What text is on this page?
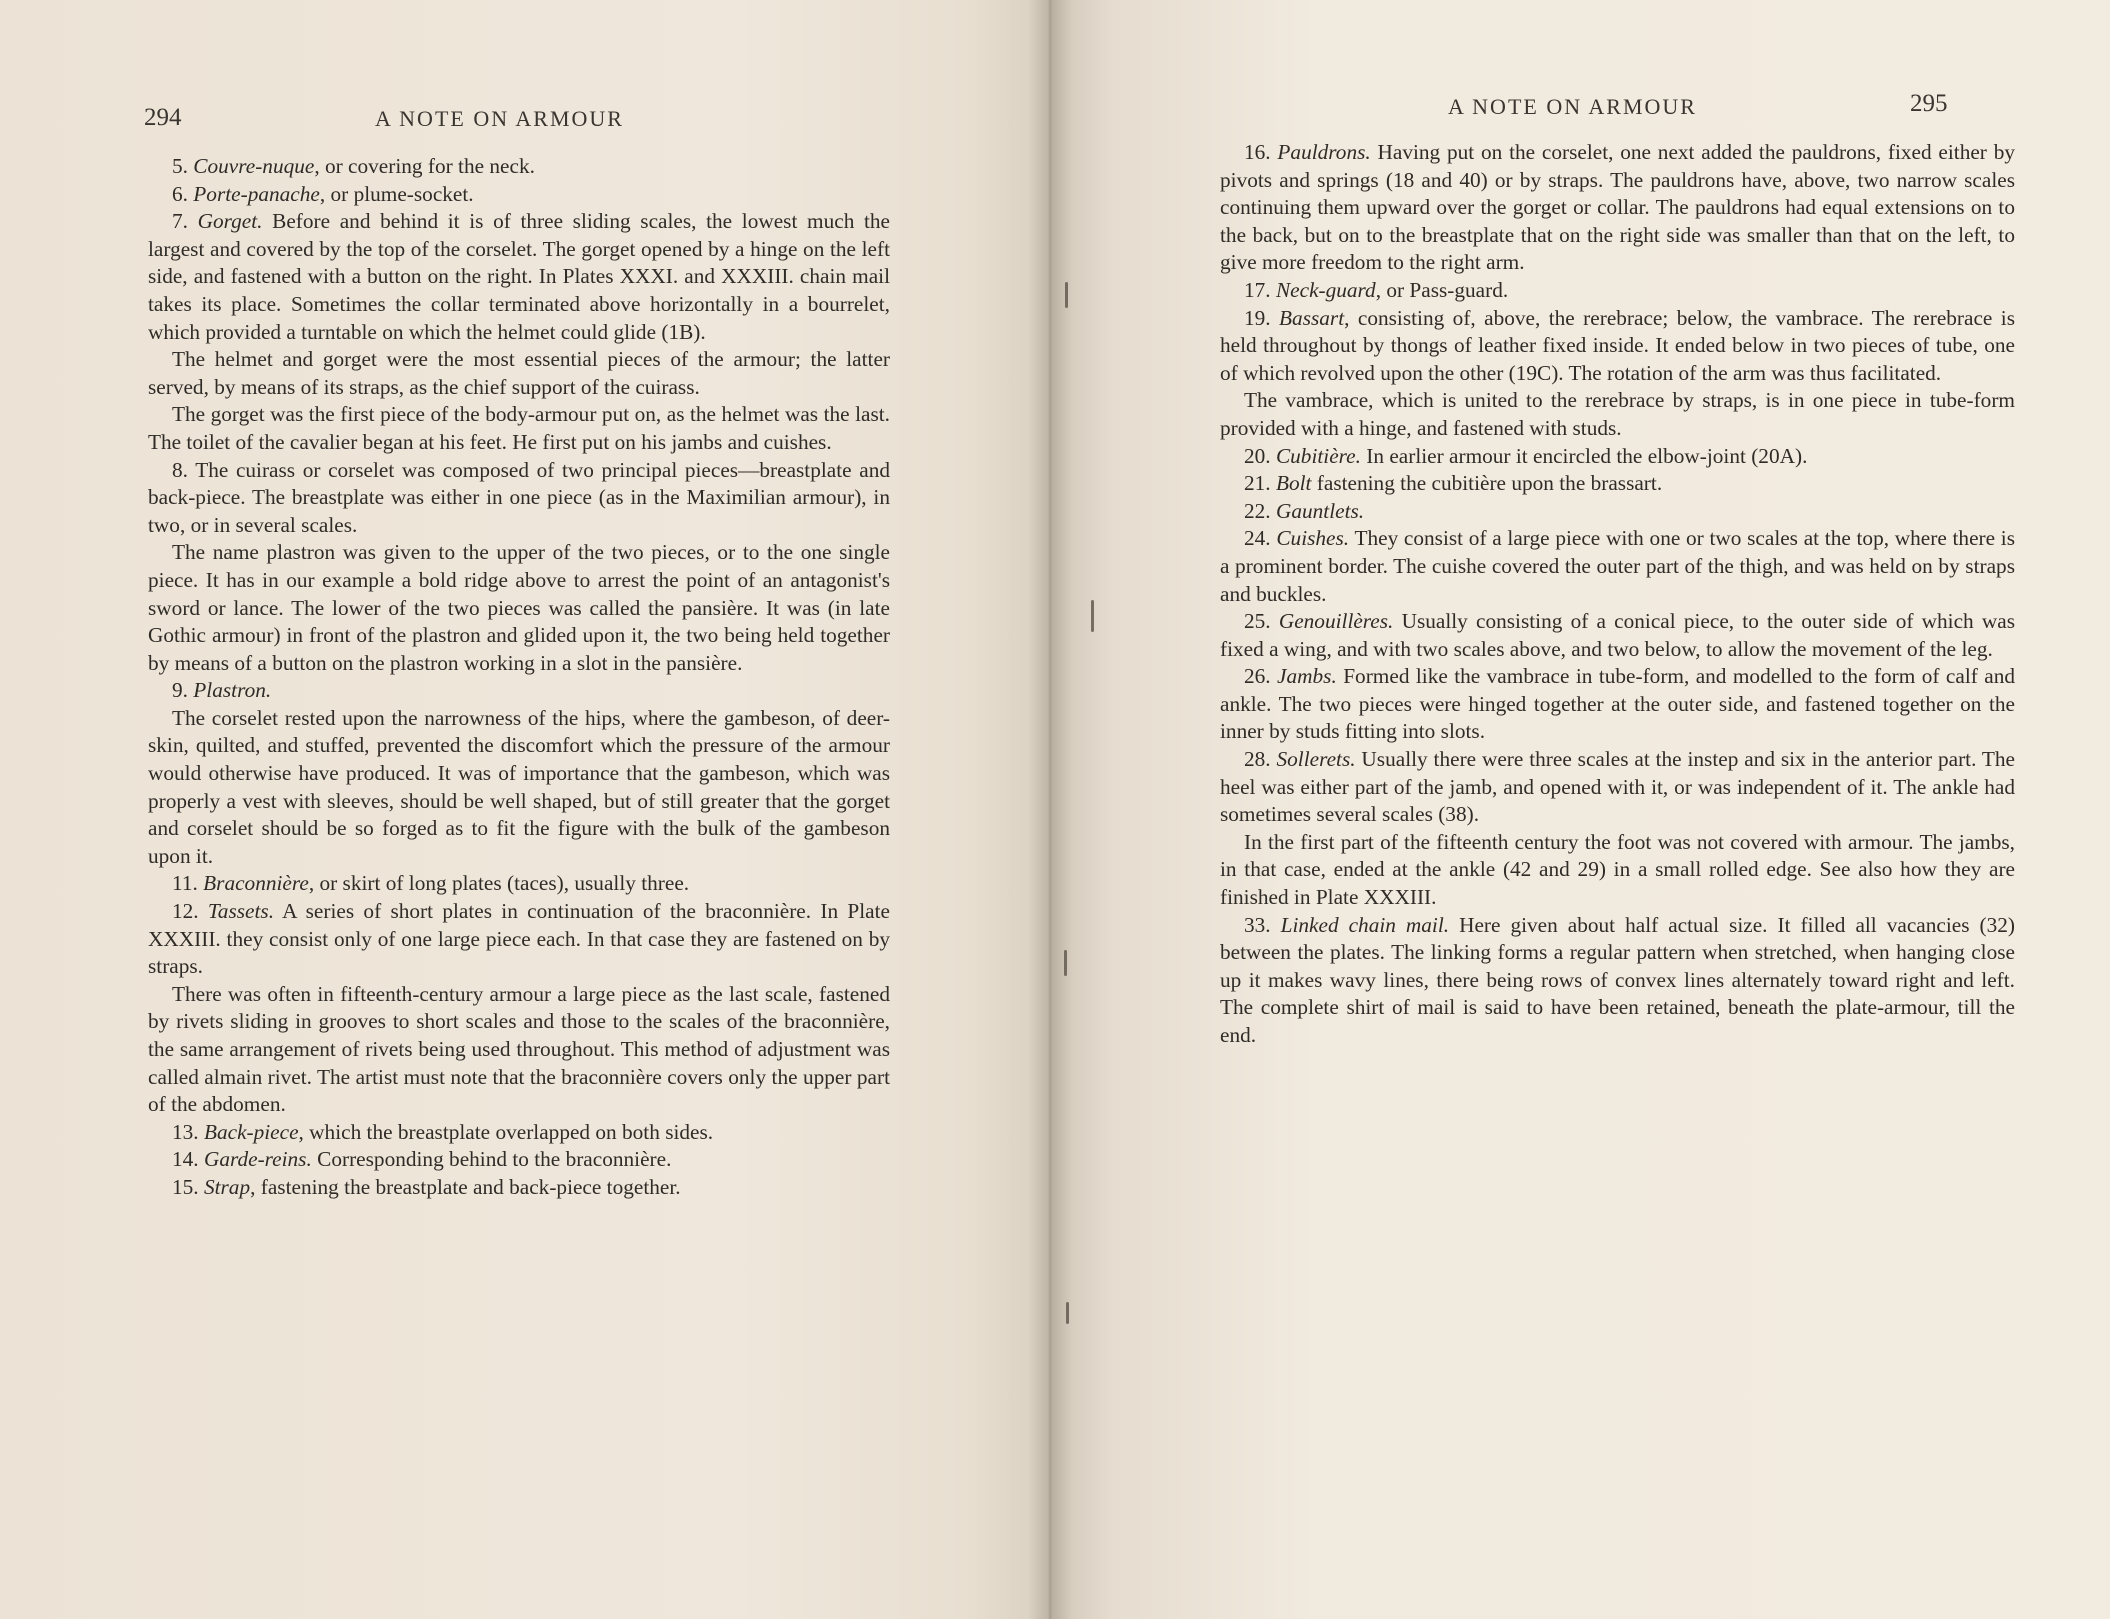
294	A NOTE ON ARMOUR

5. Couvre-nuque, or covering for the neck.

6. Porte-panache, or plume-socket.

7. Gorget. Before and behind it is of three sliding scales, the lowest much the largest and covered by the top of the corselet. The gorget opened by a hinge on the left side, and fastened with a button on the right. In Plates XXXI. and XXXIII. chain mail takes its place. Sometimes the collar terminated above horizontally in a bourrelet, which provided a turntable on which the helmet could glide (1B).

The helmet and gorget were the most essential pieces of the armour; the latter served, by means of its straps, as the chief support of the cuirass.

The gorget was the first piece of the body-armour put on, as the helmet was the last. The toilet of the cavalier began at his feet. He first put on his jambs and cuishes.

8. The cuirass or corselet was composed of two principal pieces—breastplate and back-piece. The breastplate was either in one piece (as in the Maximilian armour), in two, or in several scales.

The name plastron was given to the upper of the two pieces, or to the one single piece. It has in our example a bold ridge above to arrest the point of an antagonist's sword or lance. The lower of the two pieces was called the pansière. It was (in late Gothic armour) in front of the plastron and glided upon it, the two being held together by means of a button on the plastron working in a slot in the pansière.

9. Plastron.

The corselet rested upon the narrowness of the hips, where the gambeson, of deer-skin, quilted, and stuffed, prevented the discomfort which the pressure of the armour would otherwise have produced. It was of importance that the gambeson, which was properly a vest with sleeves, should be well shaped, but of still greater that the gorget and corselet should be so forged as to fit the figure with the bulk of the gambeson upon it.

11. Braconnière, or skirt of long plates (taces), usually three.

12. Tassets. A series of short plates in continuation of the braconnière. In Plate XXXIII. they consist only of one large piece each. In that case they are fastened on by straps.

There was often in fifteenth-century armour a large piece as the last scale, fastened by rivets sliding in grooves to short scales and those to the scales of the braconnière, the same arrangement of rivets being used throughout. This method of adjustment was called almain rivet. The artist must note that the braconnière covers only the upper part of the abdomen.

13. Back-piece, which the breastplate overlapped on both sides.

14. Garde-reins. Corresponding behind to the braconnière.

15. Strap, fastening the breastplate and back-piece together.

A NOTE ON ARMOUR	295

16. Pauldrons. Having put on the corselet, one next added the pauldrons, fixed either by pivots and springs (18 and 40) or by straps. The pauldrons have, above, two narrow scales continuing them upward over the gorget or collar. The pauldrons had equal extensions on to the back, but on to the breastplate that on the right side was smaller than that on the left, to give more freedom to the right arm.

17. Neck-guard, or Pass-guard.

19. Bassart, consisting of, above, the rerebrace; below, the vambrace. The rerebrace is held throughout by thongs of leather fixed inside. It ended below in two pieces of tube, one of which revolved upon the other (19C). The rotation of the arm was thus facilitated.

The vambrace, which is united to the rerebrace by straps, is in one piece in tube-form provided with a hinge, and fastened with studs.

20. Cubitière. In earlier armour it encircled the elbow-joint (20A).

21. Bolt fastening the cubitière upon the brassart.

22. Gauntlets.

24. Cuishes. They consist of a large piece with one or two scales at the top, where there is a prominent border. The cuishe covered the outer part of the thigh, and was held on by straps and buckles.

25. Genouillères. Usually consisting of a conical piece, to the outer side of which was fixed a wing, and with two scales above, and two below, to allow the movement of the leg.

26. Jambs. Formed like the vambrace in tube-form, and modelled to the form of calf and ankle. The two pieces were hinged together at the outer side, and fastened together on the inner by studs fitting into slots.

28. Sollerets. Usually there were three scales at the instep and six in the anterior part. The heel was either part of the jamb, and opened with it, or was independent of it. The ankle had sometimes several scales (38).

In the first part of the fifteenth century the foot was not covered with armour. The jambs, in that case, ended at the ankle (42 and 29) in a small rolled edge. See also how they are finished in Plate XXXIII.

33. Linked chain mail. Here given about half actual size. It filled all vacancies (32) between the plates. The linking forms a regular pattern when stretched, when hanging close up it makes wavy lines, there being rows of convex lines alternately toward right and left. The complete shirt of mail is said to have been retained, beneath the plate-armour, till the end.
